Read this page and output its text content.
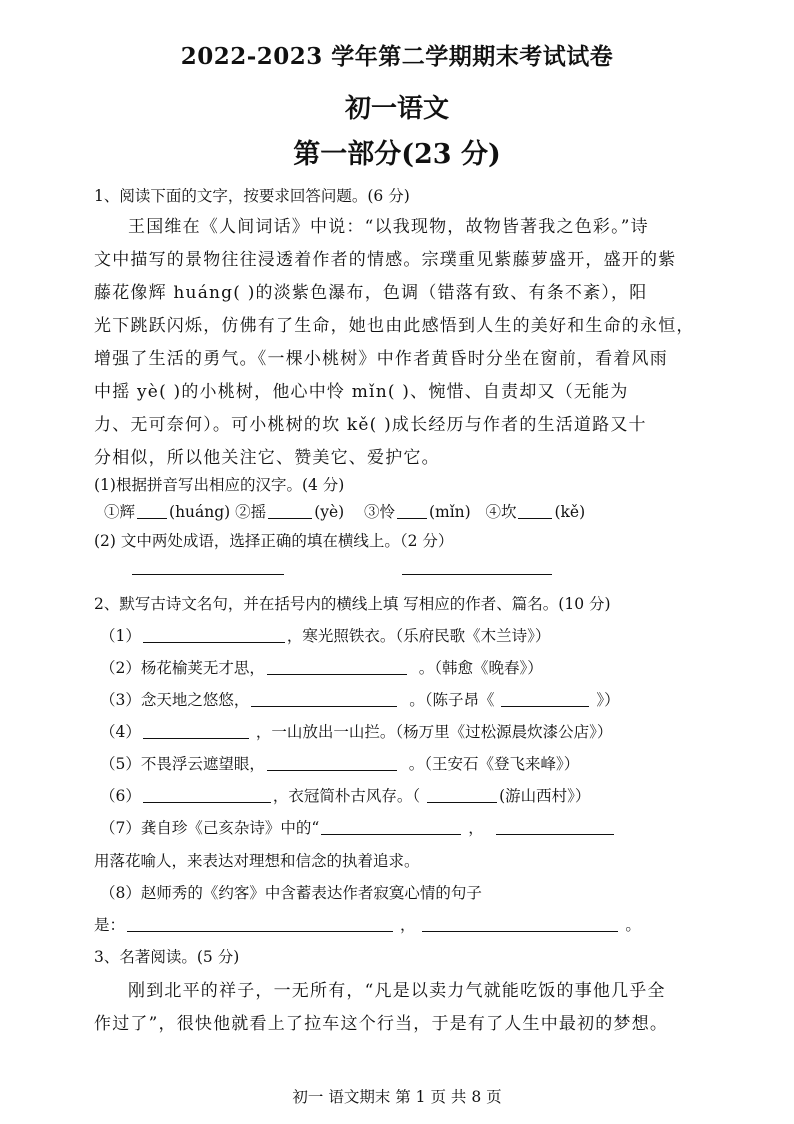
2022-2023 学年第二学期期末考试试卷
初一语文
第一部分(23 分)
1、阅读下面的文字，按要求回答问题。(6 分)
王国维在《人间词话》中说：“以我现物，故物皆著我之色彩。”诗
文中描写的景物往往浸透着作者的情感。宗璞重见紫藤萝盛开，盛开的紫
藤花像辉 huáng( )的淡紫色瀑布，色调（错落有致、有条不紊），阳
光下跳跃闪烁，仿佛有了生命，她也由此感悟到人生的美好和生命的永恒，
增强了生活的勇气。《一棵小桃树》中作者黄昏时分坐在窗前，看着风雨
中摇 yè( )的小桃树，他心中怜 mǐn( )、惋惜、自责却又（无能为
力、无可奈何）。可小桃树的坎 kě( )成长经历与作者的生活道路又十
分相似，所以他关注它、赞美它、爱护它。
(1)根据拼音写出相应的汉字。(4 分)
①辉 (huáng) ②摇	(yè) ③怜 (mǐn) ④坎 (kě)
(2) 文中两处成语，选择正确的填在横线上。（2 分）
2、默写古诗文名句，并在括号内的横线上填 写相应的作者、篇名。(10 分)
（1）	，寒光照铁衣。（乐府民歌《木兰诗》）
（2）杨花榆荚无才思，	。（韩愈《晚春》）
（3）念天地之悠悠，	。（陈子昂《	》）
（4）	，一山放出一山拦。（杨万里《过松源晨炊漆公店》）
（5）不畏浮云遮望眼，	。（王安石《登飞来峰》）
（6）	，衣冠简朴古风存。（	(游山西村》）
（7）龚自珍《己亥杂诗》中的“	，
用落花喻人，来表达对理想和信念的执着追求。
（8）赵师秀的《约客》中含蓄表达作者寂寞心情的句子
是：	，	。
3、名著阅读。(5 分)
刚到北平的祥子，一无所有，“凡是以卖力气就能吃饭的事他几乎全
作过了”，很快他就看上了拉车这个行当，于是有了人生中最初的梦想。
初一 语文期末 第 1 页 共 8 页
